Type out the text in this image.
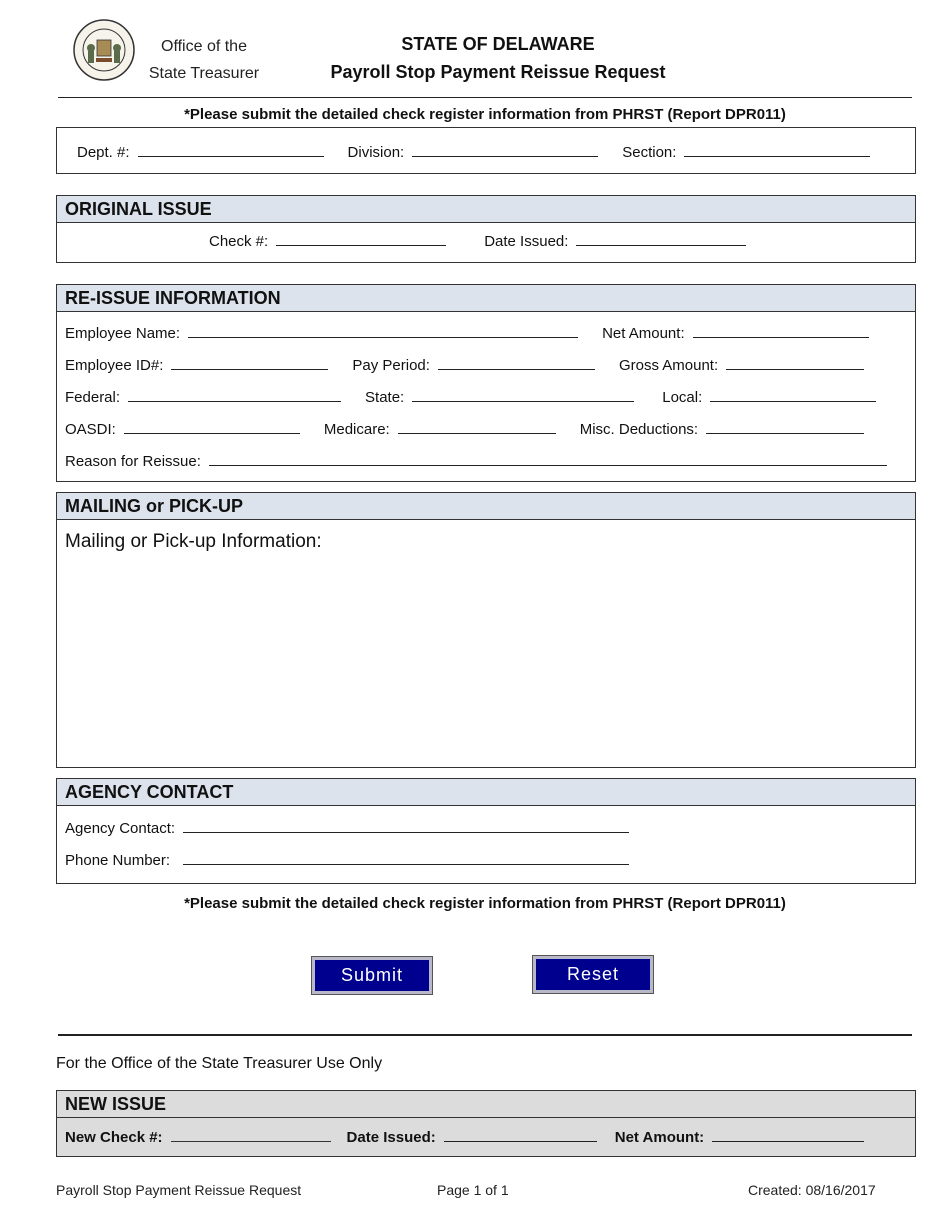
Office of the
State Treasurer
STATE OF DELAWARE
Payroll Stop Payment Reissue Request
*Please submit the detailed check register information from PHRST (Report DPR011)
Dept. #:	Division:	Section:
ORIGINAL ISSUE
Check #:	Date Issued:
RE-ISSUE INFORMATION
Employee Name:	Net Amount:
Employee ID#:	Pay Period:	Gross Amount:
Federal:	State:	Local:
OASDI:	Medicare:	Misc. Deductions:
Reason for Reissue:
MAILING or PICK-UP
Mailing or Pick-up Information:
AGENCY CONTACT
Agency Contact:
Phone Number:
*Please submit the detailed check register information from PHRST (Report DPR011)
Submit	Reset
For the Office of the State Treasurer Use Only
NEW ISSUE
New Check #:	Date Issued:	Net Amount:
Payroll Stop Payment Reissue Request	Page 1 of 1	Created: 08/16/2017
